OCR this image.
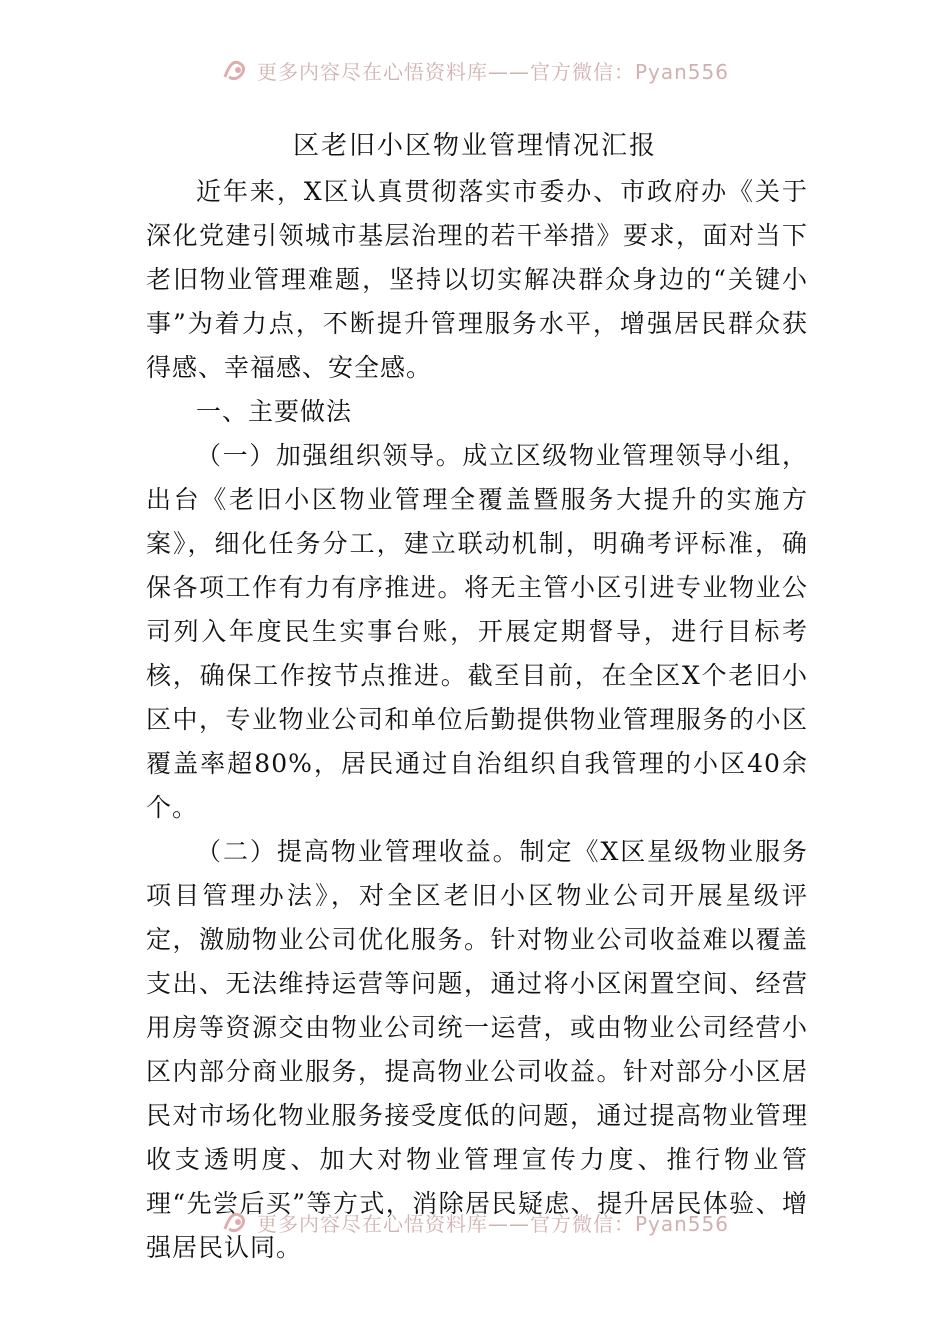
更多内容尽在心悟资料库——官方微信：Pyan556
区老旧小区物业管理情况汇报

近年来，X区认真贯彻落实市委办、市政府办《关于深化党建引领城市基层治理的若干举措》要求，面对当下老旧物业管理难题，坚持以切实解决群众身边的“关键小事”为着力点，不断提升管理服务水平，增强居民群众获得感、幸福感、安全感。

一、主要做法

（一）加强组织领导。成立区级物业管理领导小组，出台《老旧小区物业管理全覆盖暨服务大提升的实施方案》，细化任务分工，建立联动机制，明确考评标准，确保各项工作有力有序推进。将无主管小区引进专业物业公司列入年度民生实事台账，开展定期督导，进行目标考核，确保工作按节点推进。截至目前，在全区X个老旧小区中，专业物业公司和单位后勤提供物业管理服务的小区覆盖率超80%，居民通过自治组织自我管理的小区40余个。

（二）提高物业管理收益。制定《X区星级物业服务项目管理办法》，对全区老旧小区物业公司开展星级评定，激励物业公司优化服务。针对物业公司收益难以覆盖支出、无法维持运营等问题，通过将小区闲置空间、经营用房等资源交由物业公司统一运营，或由物业公司经营小区内部分商业服务，提高物业公司收益。针对部分小区居民对市场化物业服务接受度低的问题，通过提高物业管理收支透明度、加大对物业管理宣传力度、推行物业管理“先尝后买”等方式，消除居民疑虑、提升居民体验、增强居民认同。

更多内容尽在心悟资料库——官方微信：Pyan556
